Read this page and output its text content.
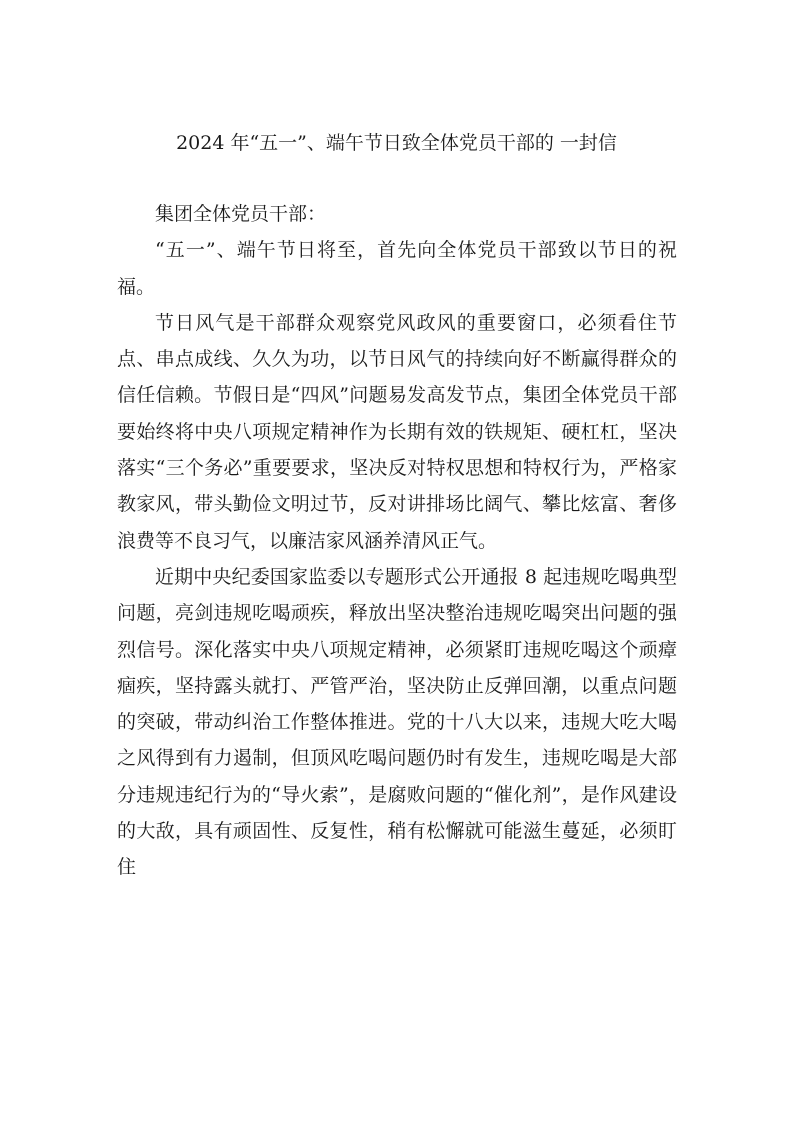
2024 年“五一”、端午节日致全体党员干部的 一封信

集团全体党员干部：

“五一”、端午节日将至，首先向全体党员干部致以节日的祝福。

节日风气是干部群众观察党风政风的重要窗口，必须看住节点、串点成线、久久为功，以节日风气的持续向好不断赢得群众的信任信赖。节假日是“四风”问题易发高发节点，集团全体党员干部要始终将中央八项规定精神作为长期有效的铁规矩、硬杠杠，坚决落实“三个务必”重要要求，坚决反对特权思想和特权行为，严格家教家风，带头勤俭文明过节，反对讲排场比阔气、攀比炫富、奢侈浪费等不良习气，以廉洁家风涵养清风正气。

近期中央纪委国家监委以专题形式公开通报 8 起违规吃喝典型问题，亮剑违规吃喝顽疾，释放出坚决整治违规吃喝突出问题的强烈信号。深化落实中央八项规定精神，必须紧盯违规吃喝这个顽瘴痼疾，坚持露头就打、严管严治，坚决防止反弹回潮，以重点问题的突破，带动纠治工作整体推进。党的十八大以来，违规大吃大喝之风得到有力遏制，但顶风吃喝问题仍时有发生，违规吃喝是大部分违规违纪行为的“导火索”，是腐败问题的“催化剂”，是作风建设的大敌，具有顽固性、反复性，稍有松懈就可能滋生蔓延，必须盯住
